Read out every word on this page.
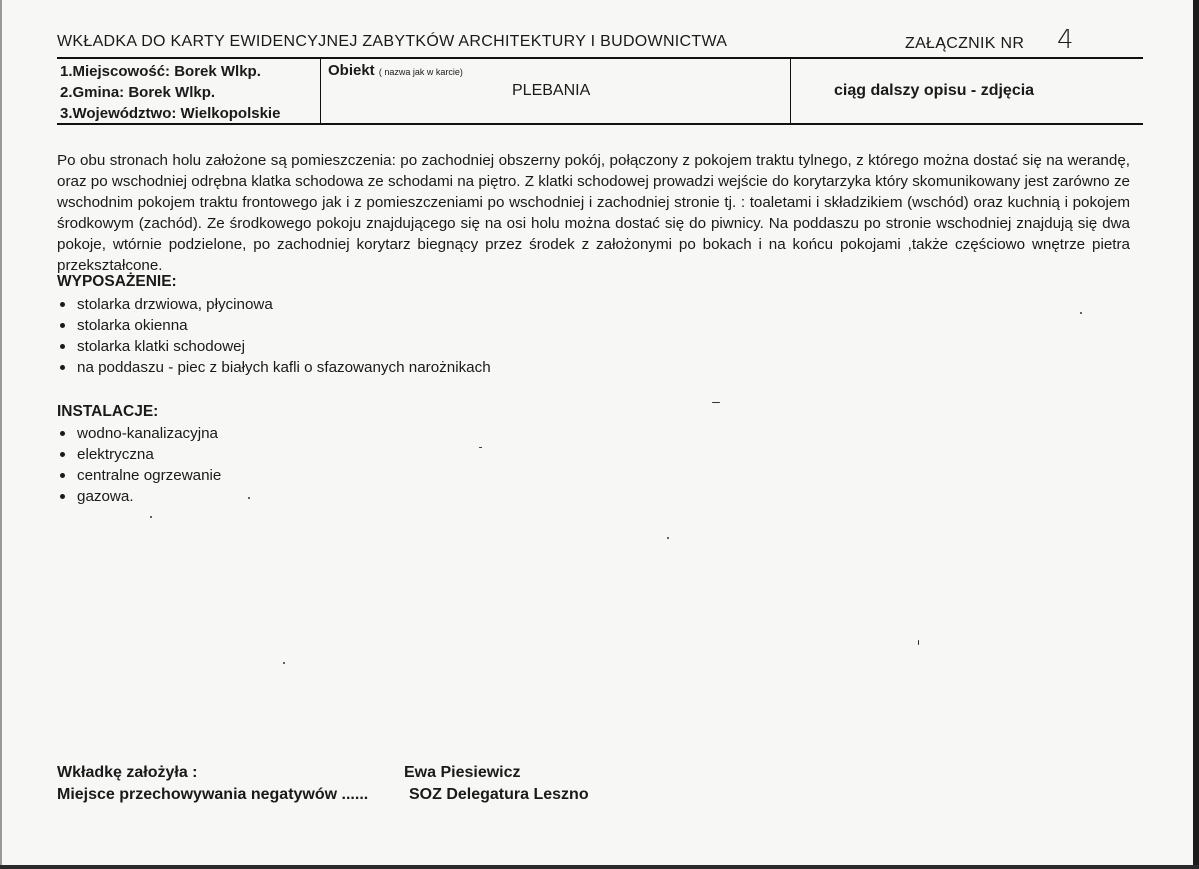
WKŁADKA DO KARTY EWIDENCYJNEJ ZABYTKÓW ARCHITEKTURY I BUDOWNICTWA	ZAŁĄCZNIK NR 4
1.Miejscowość: Borek Wlkp.
2.Gmina: Borek Wlkp.
3.Województwo: Wielkopolskie
Obiekt ( nazwa jak w karcie)
PLEBANIA	ciąg dalszy opisu - zdjęcia
Po obu stronach holu założone są pomieszczenia: po zachodniej obszerny pokój, połączony z pokojem traktu tylnego, z którego można dostać się na werandę, oraz po wschodniej odrębna klatka schodowa ze schodami na piętro. Z klatki schodowej prowadzi wejście do korytarzyka który skomunikowany jest zarówno ze wschodnim pokojem traktu frontowego jak i z pomieszczeniami po wschodniej i zachodniej stronie tj. : toaletami i składzikiem (wschód) oraz kuchnią i pokojem środkowym (zachód). Ze środkowego pokoju znajdującego się na osi holu można dostać się do piwnicy. Na poddaszu po stronie wschodniej znajdują się dwa pokoje, wtórnie podzielone, po zachodniej korytarz biegnący przez środek z założonymi po bokach i na końcu pokojami ,także częściowo wnętrze pietra przekształcone.
WYPOSAŻENIE:
stolarka drzwiowa, płycinowa
stolarka okienna
stolarka klatki schodowej
na poddaszu - piec z białych kafli o sfazowanych narożnikach
INSTALACJE:
wodno-kanalizacyjna
elektryczna
centralne ogrzewanie
gazowa.
Wkładkę założyła :	Ewa Piesiewicz
Miejsce przechowywania negatywów ......	SOZ Delegatura Leszno
